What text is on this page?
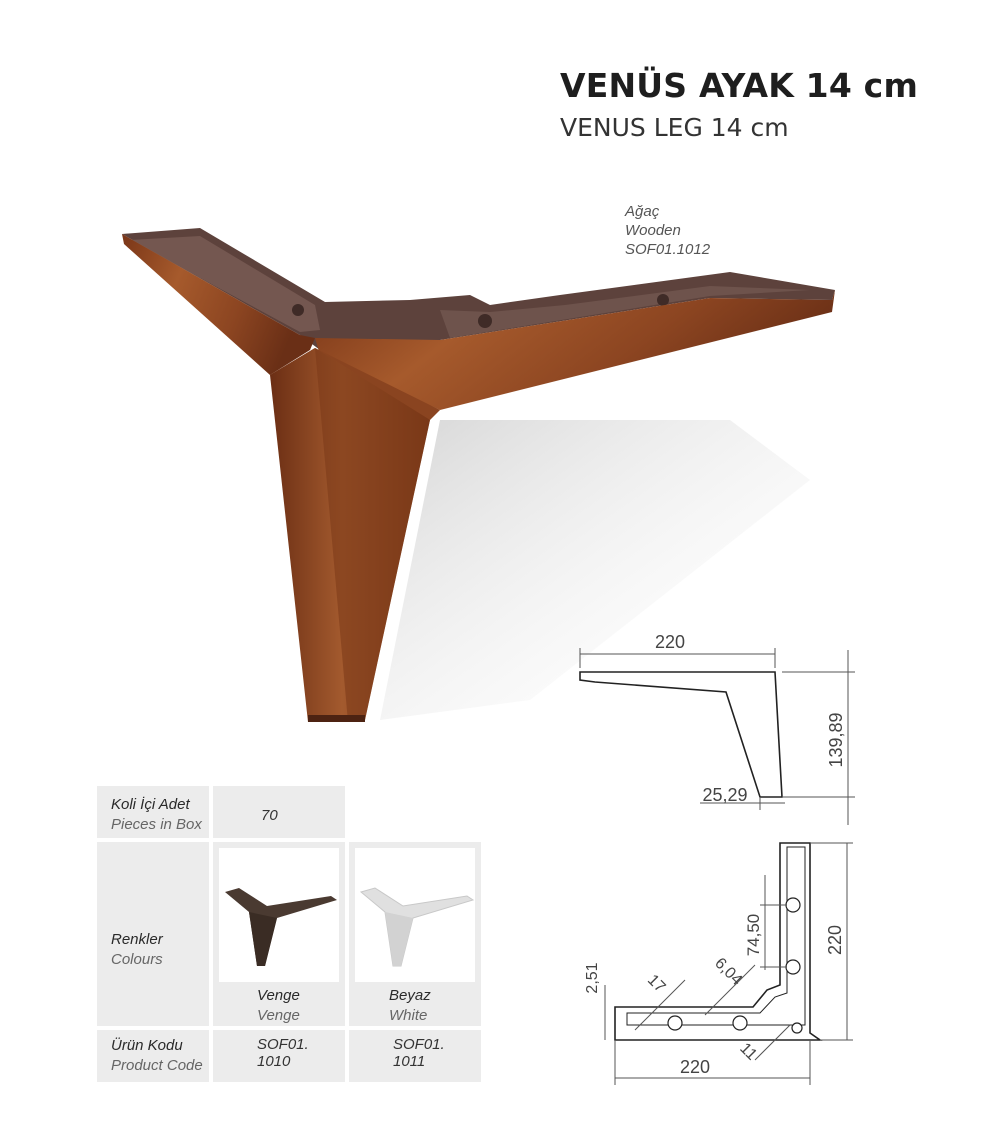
VENÜS AYAK 14 cm
VENUS LEG 14 cm
Ağaç
Wooden
SOF01.1012
220
139,89
25,29
220
220
74,50
6,04
17
2,51
11
Koli İçi Adet
Pieces in Box
70
Renkler
Colours
Venge
Venge
Beyaz
White
Ürün Kodu
Product Code
SOF01.
1010
SOF01.
1011
